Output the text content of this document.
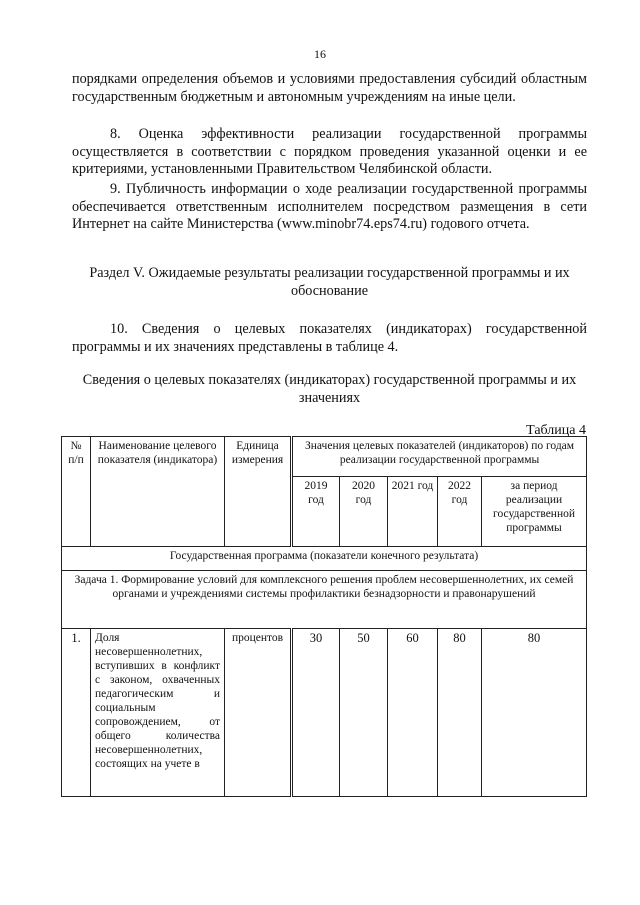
16

порядками определения объемов и условиями предоставления субсидий областным государственным бюджетным и автономным учреждениям на иные цели.

8. Оценка эффективности реализации государственной программы осуществляется в соответствии с порядком проведения указанной оценки и ее критериями, установленными Правительством Челябинской области.

9. Публичность информации о ходе реализации государственной программы обеспечивается ответственным исполнителем посредством размещения в сети Интернет на сайте Министерства (www.minobr74.eps74.ru) годового отчета.

Раздел V. Ожидаемые результаты реализации государственной программы и их обоснование

10. Сведения о целевых показателях (индикаторах) государственной программы и их значениях представлены в таблице 4.

Сведения о целевых показателях (индикаторах) государственной программы и их значениях

Таблица 4
№ п/п	Наименование целевого показателя (индикатора)	Единица измерения	Значения целевых показателей (индикаторов) по годам реализации государственной программы				
			2019 год	2020 год	2021 год	2022 год	за период реализации государственной программы
Государственная программа (показатели конечного результата)							
Задача 1. Формирование условий для комплексного решения проблем несовершеннолетних, их семей органами и учреждениями системы профилактики безнадзорности и правонарушений							
1.	Доля несовершеннолетних, вступивших в конфликт с законом, охваченных педагогическим и социальным сопровождением, от общего количества несовершеннолетних, состоящих на учете в	процентов	30	50	60	80	80
